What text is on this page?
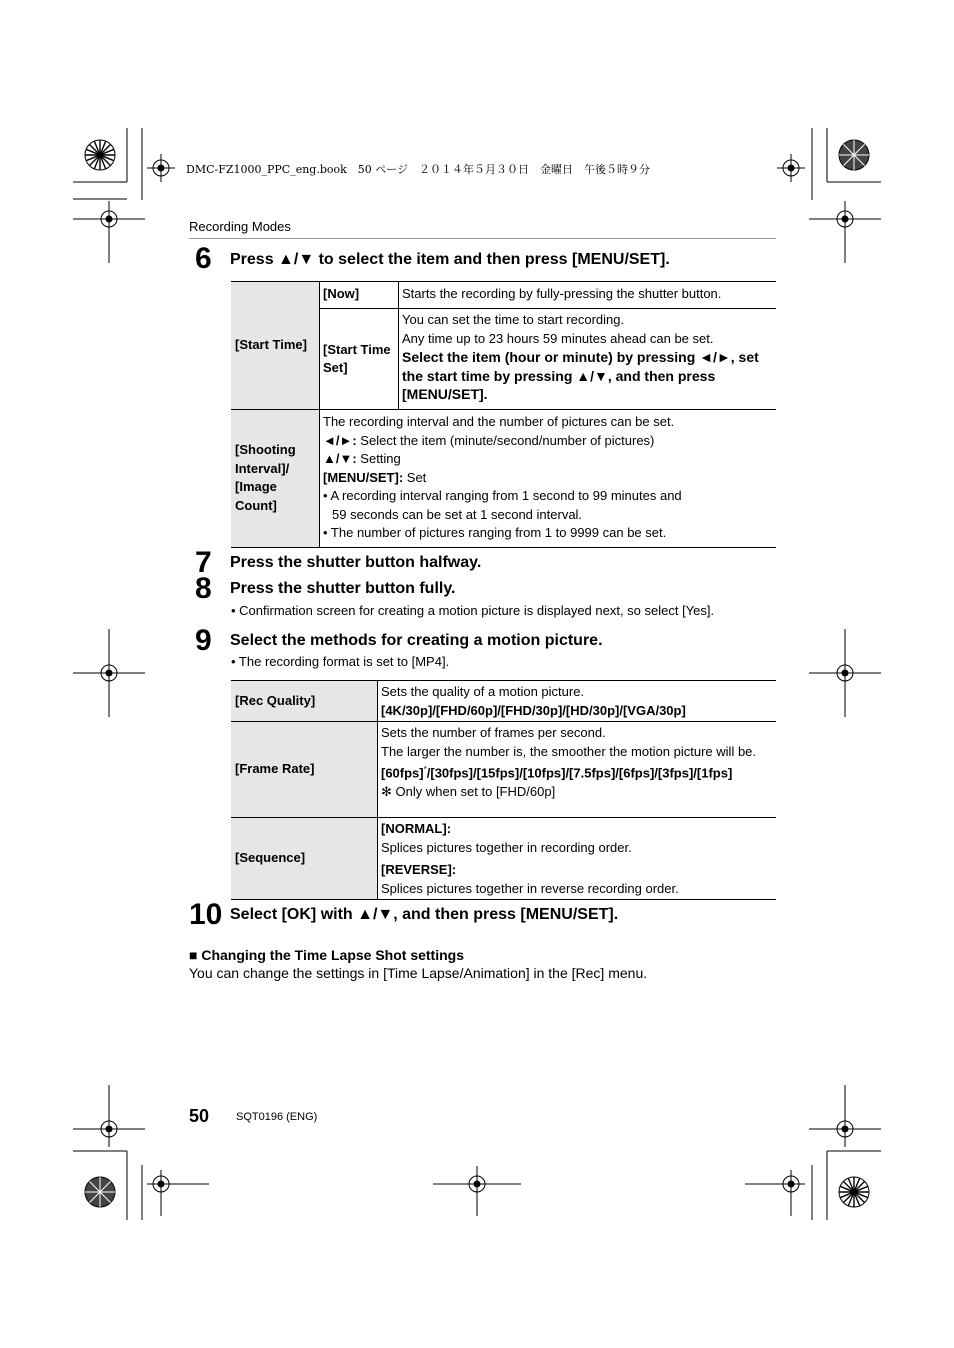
DMC-FZ1000_PPC_eng.book　50 ページ　２０１４年５月３０日　金曜日　午後５時９分
Recording Modes
6 Press ▲/▼ to select the item and then press [MENU/SET].
[Start Time]
[Shooting Interval]/ [Image Count]
[Now]	Starts the recording by fully-pressing the shutter button.
[Start Time Set]
You can set the time to start recording.
Any time up to 23 hours 59 minutes ahead can be set.
Select the item (hour or minute) by pressing ◄/►, set the start time by pressing ▲/▼, and then press [MENU/SET].
The recording interval and the number of pictures can be set.
◄/►: Select the item (minute/second/number of pictures)
▲/▼: Setting
[MENU/SET]: Set
• A recording interval ranging from 1 second to 99 minutes and
59 seconds can be set at 1 second interval.
• The number of pictures ranging from 1 to 9999 can be set.
7 Press the shutter button halfway.
8 Press the shutter button fully.
• Confirmation screen for creating a motion picture is displayed next, so select [Yes].
9 Select the methods for creating a motion picture.
• The recording format is set to [MP4].
[Rec Quality]
[Frame Rate]
[Sequence]
Sets the quality of a motion picture.
[4K/30p]/[FHD/60p]/[FHD/30p]/[HD/30p]/[VGA/30p]
Sets the number of frames per second.
The larger the number is, the smoother the motion picture will be.
[60fps]*/[30fps]/[15fps]/[10fps]/[7.5fps]/[6fps]/[3fps]/[1fps]
✻ Only when set to [FHD/60p]
[NORMAL]:
Splices pictures together in recording order.
[REVERSE]:
Splices pictures together in reverse recording order.
10 Select [OK] with ▲/▼, and then press [MENU/SET].
■ Changing the Time Lapse Shot settings
You can change the settings in [Time Lapse/Animation] in the [Rec] menu.
50 SQT0196 (ENG)
